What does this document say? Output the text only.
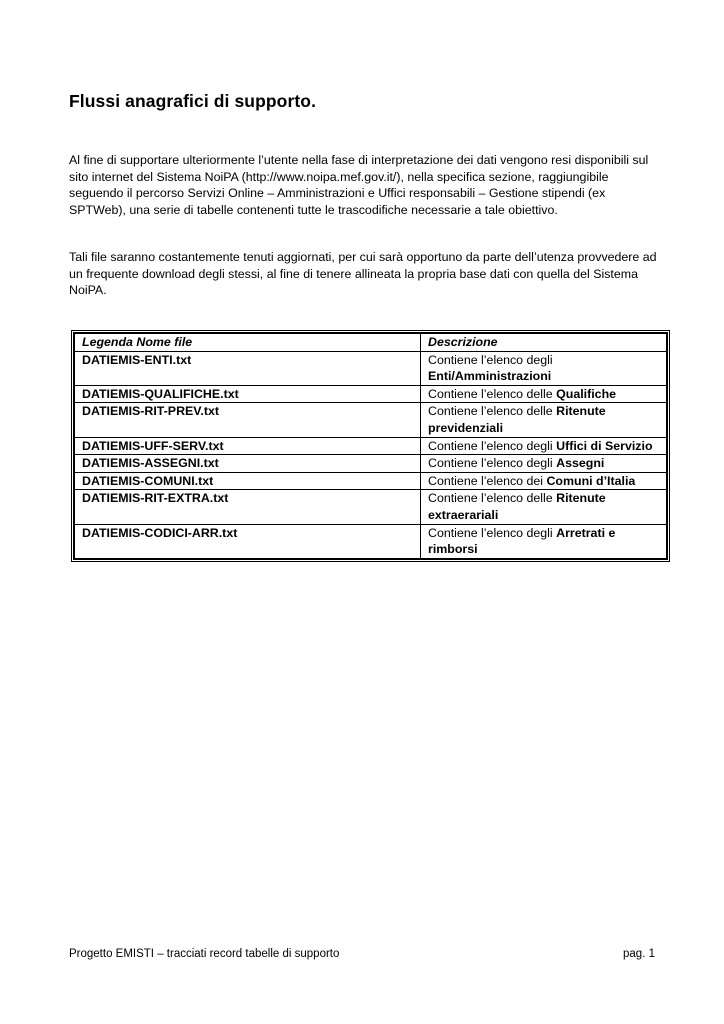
Flussi anagrafici di supporto.

Al fine di supportare ulteriormente l’utente nella fase di interpretazione dei dati vengono resi disponibili sul sito internet del Sistema NoiPA (http://www.noipa.mef.gov.it/), nella specifica sezione, raggiungibile seguendo il percorso Servizi Online – Amministrazioni e Uffici responsabili – Gestione stipendi (ex SPTWeb), una serie di tabelle contenenti tutte le trascodifiche necessarie a tale obiettivo.

Tali file saranno costantemente tenuti aggiornati, per cui sarà opportuno da parte dell’utenza provvedere ad un frequente download degli stessi, al fine di tenere allineata la propria base dati con quella del Sistema NoiPA.

Legenda Nome file	Descrizione
DATIEMIS-ENTI.txt	Contiene l’elenco degli Enti/Amministrazioni
DATIEMIS-QUALIFICHE.txt	Contiene l’elenco delle Qualifiche
DATIEMIS-RIT-PREV.txt	Contiene l’elenco delle Ritenute previdenziali
DATIEMIS-UFF-SERV.txt	Contiene l’elenco degli Uffici di Servizio
DATIEMIS-ASSEGNI.txt	Contiene l’elenco degli Assegni
DATIEMIS-COMUNI.txt	Contiene l’elenco dei Comuni d’Italia
DATIEMIS-RIT-EXTRA.txt	Contiene l’elenco delle Ritenute extraerariali
DATIEMIS-CODICI-ARR.txt	Contiene l’elenco degli Arretrati e rimborsi
Progetto EMISTI – tracciati record tabelle di supporto	pag. 1
